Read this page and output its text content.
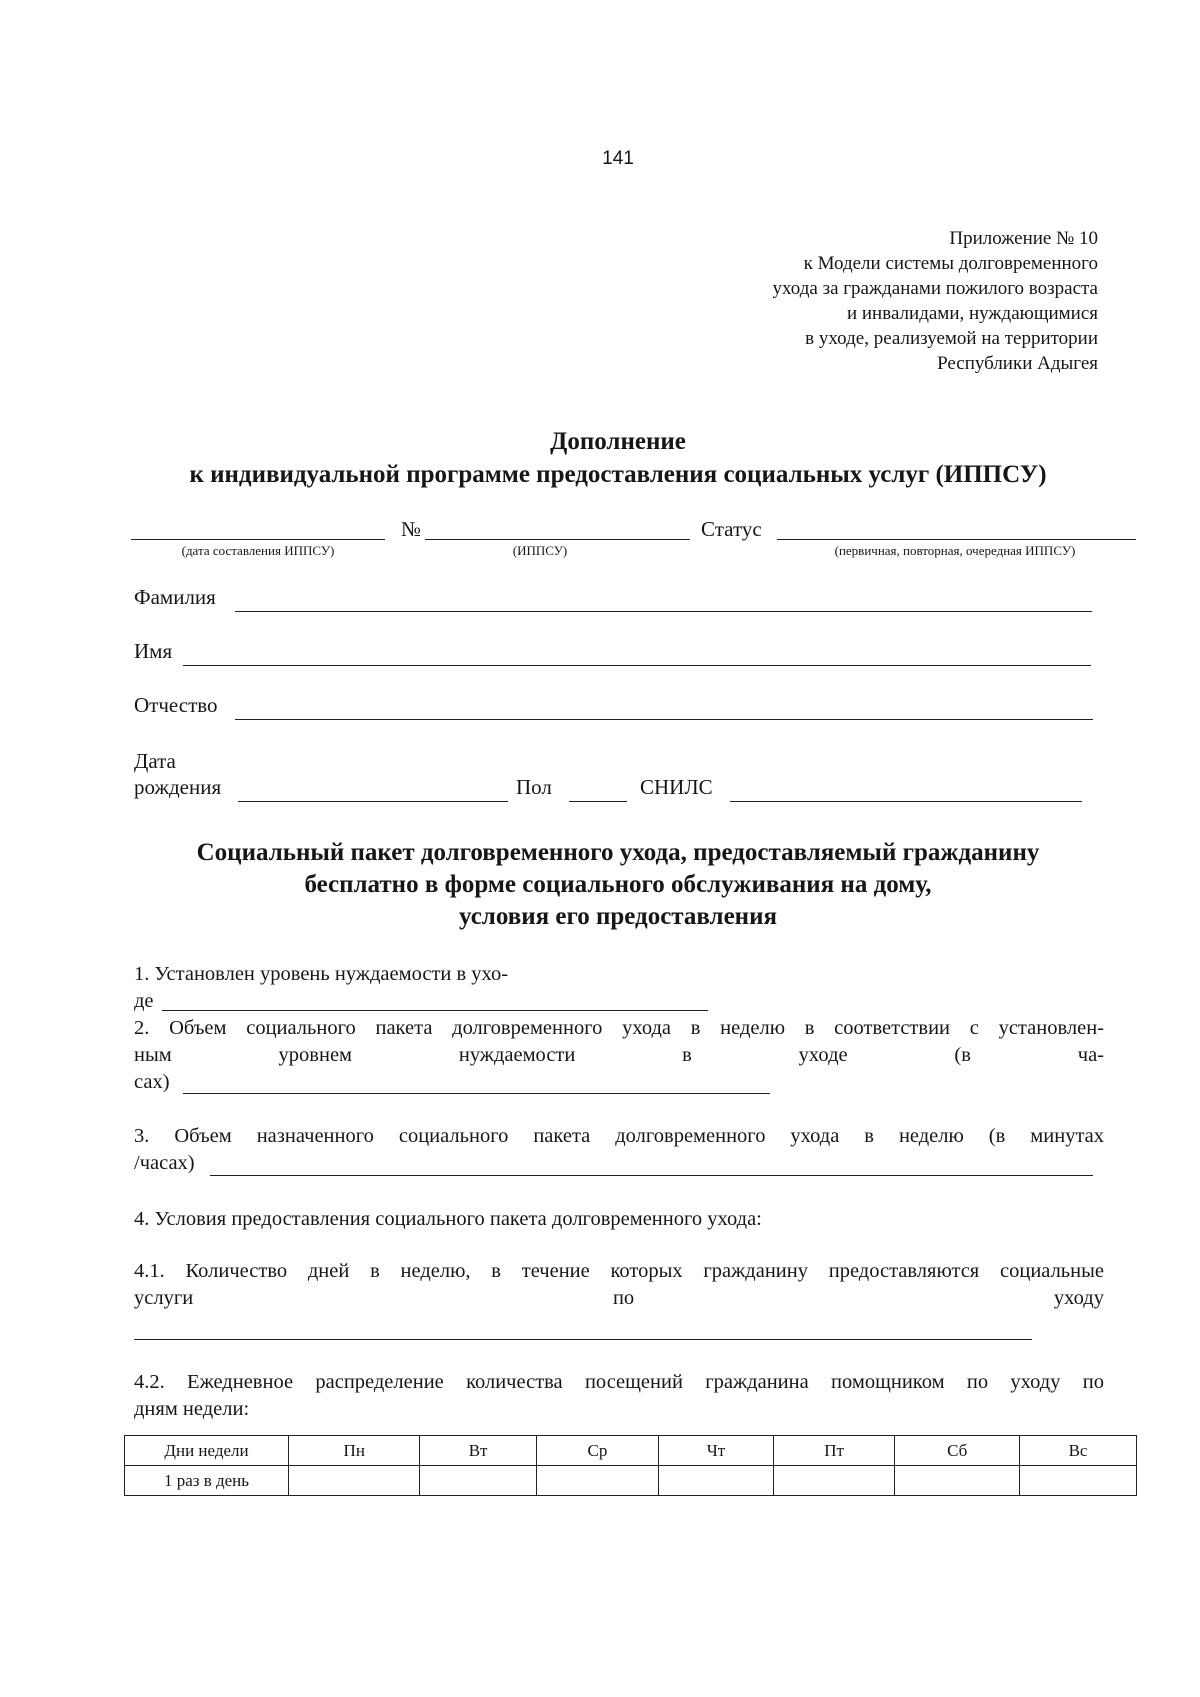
141
Приложение № 10
к Модели системы долговременного
ухода за гражданами пожилого возраста
и инвалидами, нуждающимися
в уходе, реализуемой на территории
Республики Адыгея
Дополнение
к индивидуальной программе предоставления социальных услуг (ИППСУ)
№	Статус
(дата составления ИППСУ)	(ИППСУ)	(первичная, повторная, очередная ИППСУ)
Фамилия
Имя
Отчество
Дата
рождения	Пол	СНИЛС
Социальный пакет долговременного ухода, предоставляемый гражданину
бесплатно в форме социального обслуживания на дому,
условия его предоставления
1. Установлен уровень нуждаемости в ухо-
де
2. Объем социального пакета долговременного ухода в неделю в соответствии с установлен-
ным уровнем нуждаемости в уходе (в ча-
сах)
3. Объем назначенного социального пакета долговременного ухода в неделю (в минутах
/часах)
4. Условия предоставления социального пакета долговременного ухода:
4.1. Количество дней в неделю, в течение которых гражданину предоставляются социальные
услуги по уходу
4.2. Ежедневное распределение количества посещений гражданина помощником по уходу по
дням недели:
Дни недели	Пн	Вт	Ср	Чт	Пт	Сб	Вс
1 раз в день							
